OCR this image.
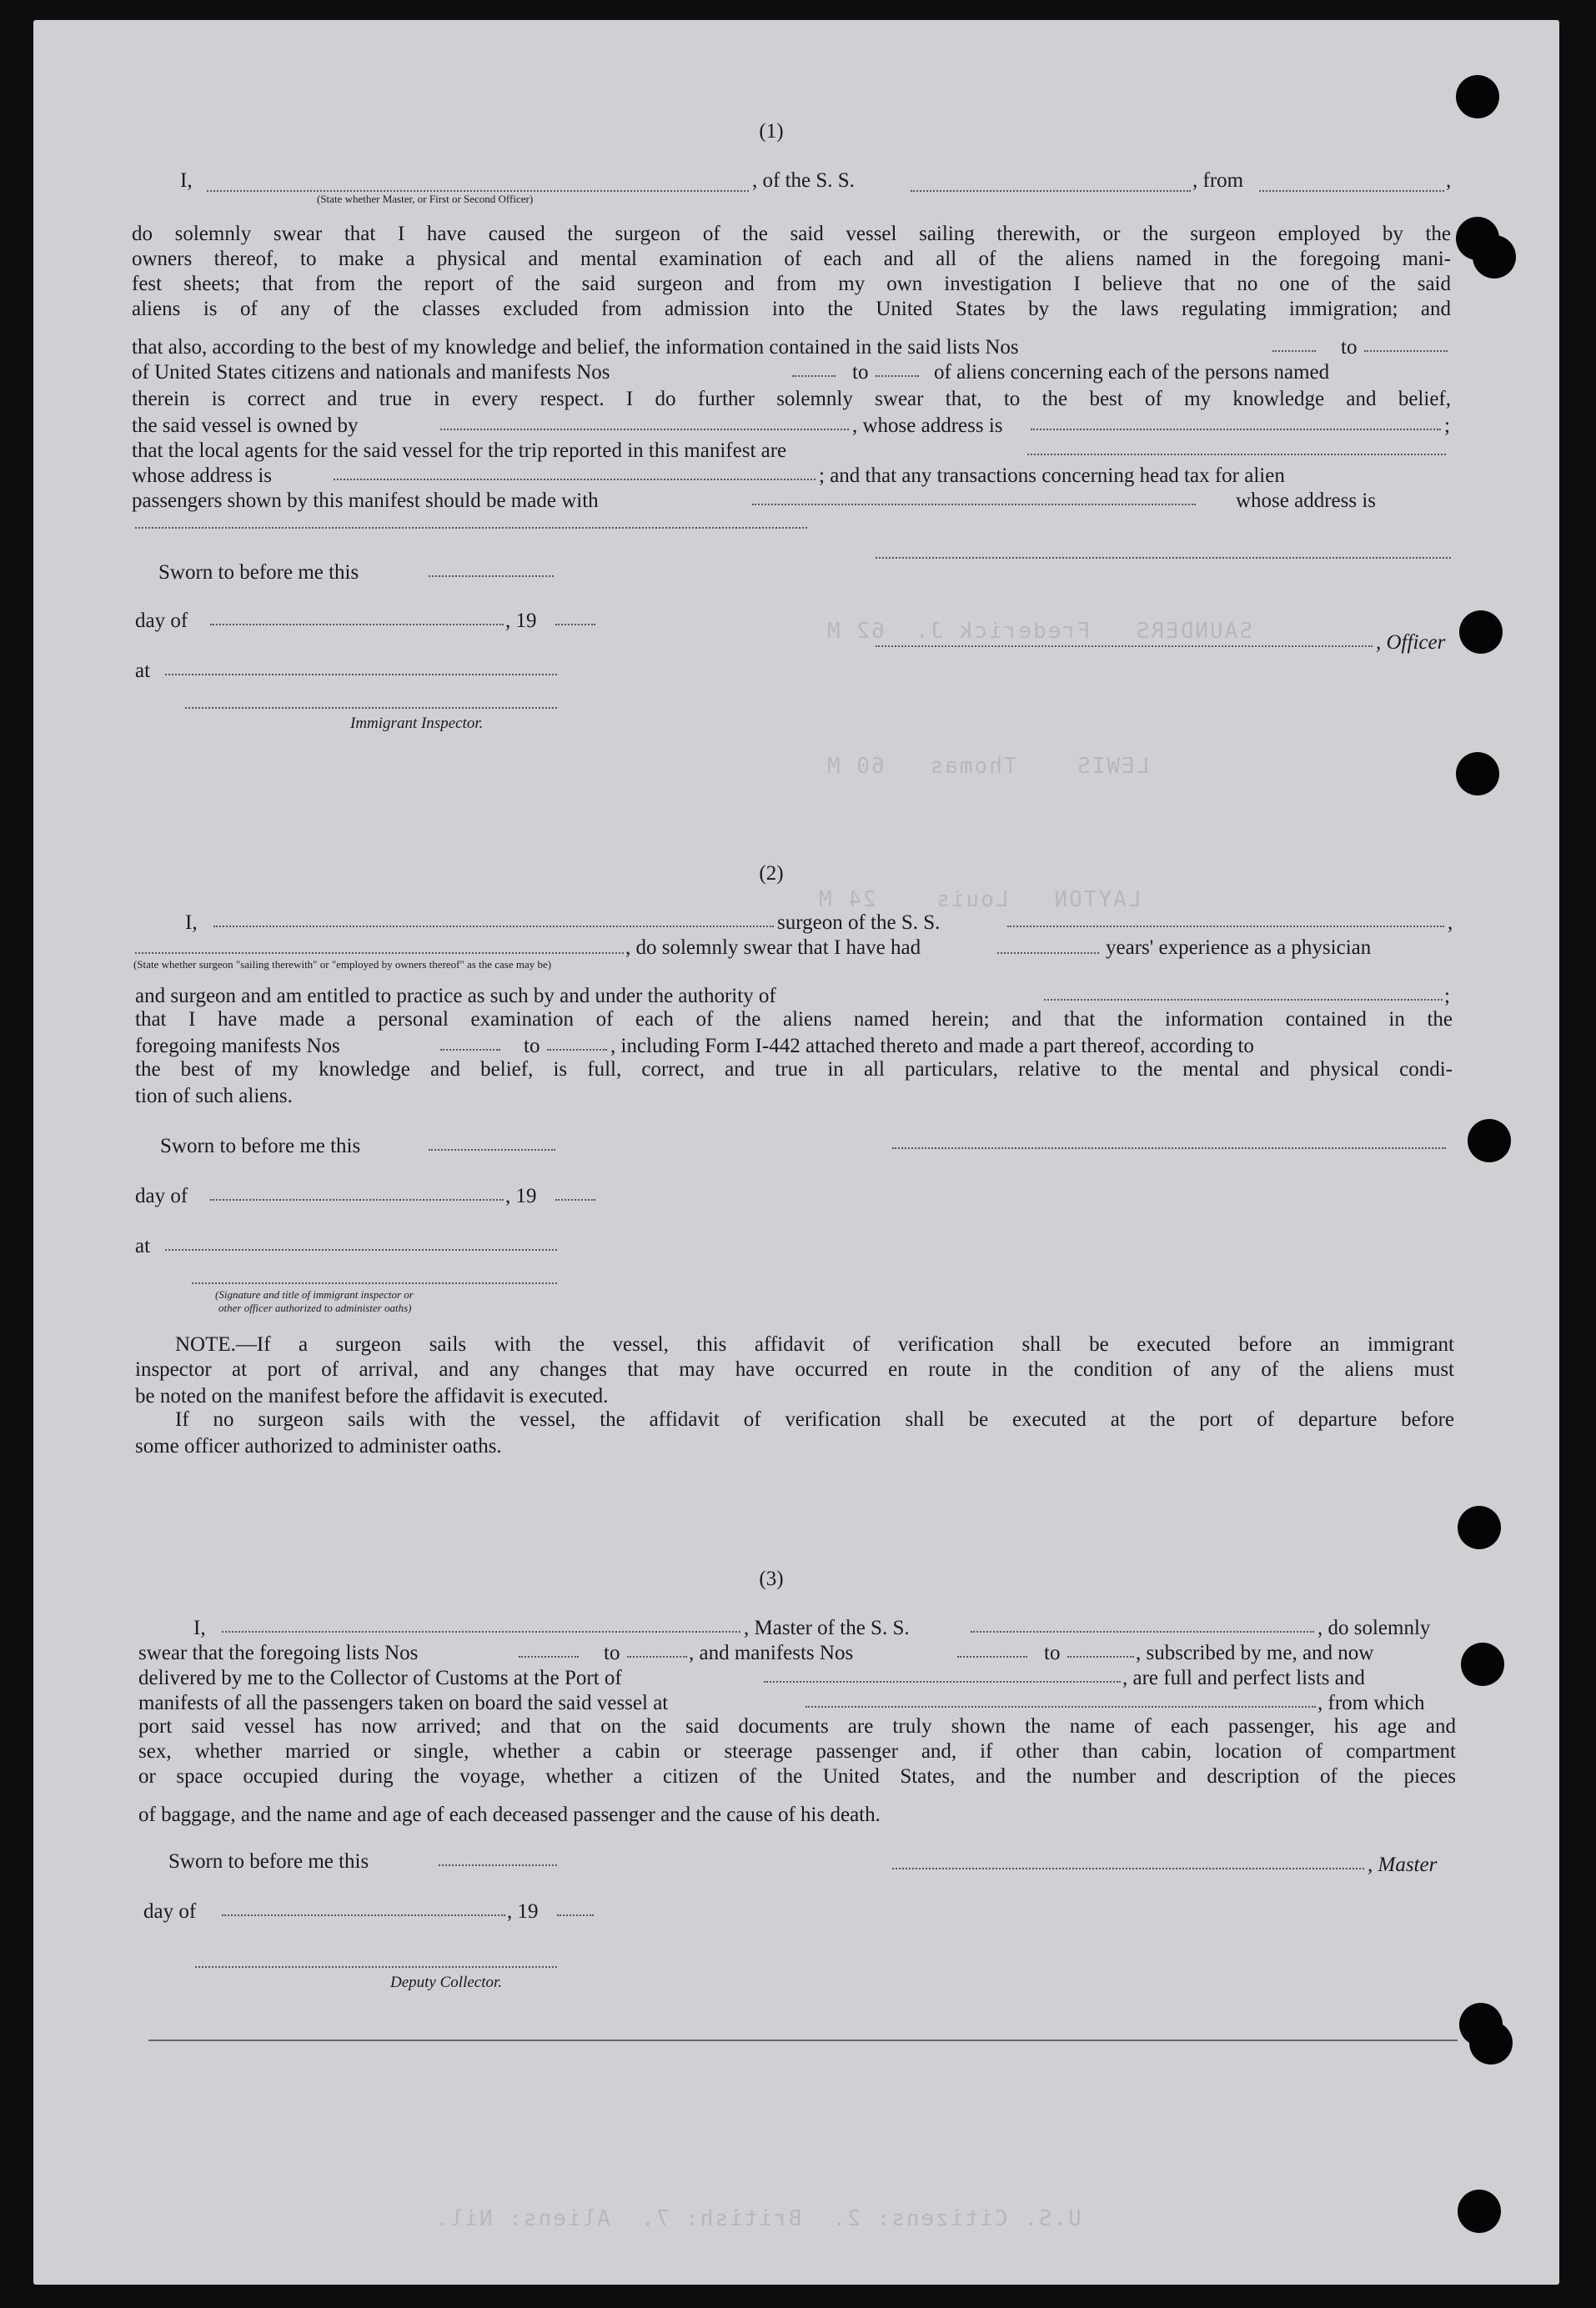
SAUNDERS   Frederick J.  62 M
LEWIS    Thomas   60 M
LAYTON   Louis    24 M
U.S. Citizens: 2.  British: 7.  Aliens: Nil.
(1)
I,	, of the S. S.	, from	,
(State whether Master, or First or Second Officer)
do solemnly swear that I have caused the surgeon of the said vessel sailing therewith, or the surgeon employed by the
owners thereof, to make a physical and mental examination of each and all of the aliens named in the foregoing mani-
fest sheets; that from the report of the said surgeon and from my own investigation I believe that no one of the said
aliens is of any of the classes excluded from admission into the United States by the laws regulating immigration; and
that also, according to the best of my knowledge and belief, the information contained in the said lists Nos	to
of United States citizens and nationals and manifests Nos	to	of aliens concerning each of the persons named
therein is correct and true in every respect. I do further solemnly swear that, to the best of my knowledge and belief,
the said vessel is owned by	, whose address is	;
that the local agents for the said vessel for the trip reported in this manifest are
whose address is	; and that any transactions concerning head tax for alien
passengers shown by this manifest should be made with	whose address is
Sworn to before me this
day of	, 19
at
Immigrant Inspector.
, Officer
(2)
I,	surgeon of the S. S.	,
, do solemnly swear that I have had	years' experience as a physician
(State whether surgeon "sailing therewith" or "employed by owners thereof" as the case may be)
and surgeon and am entitled to practice as such by and under the authority of	;
that I have made a personal examination of each of the aliens named herein; and that the information contained in the
foregoing manifests Nos	to	, including Form I-442 attached thereto and made a part thereof, according to
the best of my knowledge and belief, is full, correct, and true in all particulars, relative to the mental and physical condi-
tion of such aliens.
Sworn to before me this
day of	, 19
at
(Signature and title of immigrant inspector or
other officer authorized to administer oaths)
NOTE.—If a surgeon sails with the vessel, this affidavit of verification shall be executed before an immigrant
inspector at port of arrival, and any changes that may have occurred en route in the condition of any of the aliens must
be noted on the manifest before the affidavit is executed.
If no surgeon sails with the vessel, the affidavit of verification shall be executed at the port of departure before
some officer authorized to administer oaths.
(3)
I,	, Master of the S. S.	, do solemnly
swear that the foregoing lists Nos	to	, and manifests Nos	to	, subscribed by me, and now
delivered by me to the Collector of Customs at the Port of	, are full and perfect lists and
manifests of all the passengers taken on board the said vessel at	, from which
port said vessel has now arrived; and that on the said documents are truly shown the name of each passenger, his age and
sex, whether married or single, whether a cabin or steerage passenger and, if other than cabin, location of compartment
or space occupied during the voyage, whether a citizen of the United States, and the number and description of the pieces
of baggage, and the name and age of each deceased passenger and the cause of his death.
Sworn to before me this	, Master
day of	, 19
Deputy Collector.
